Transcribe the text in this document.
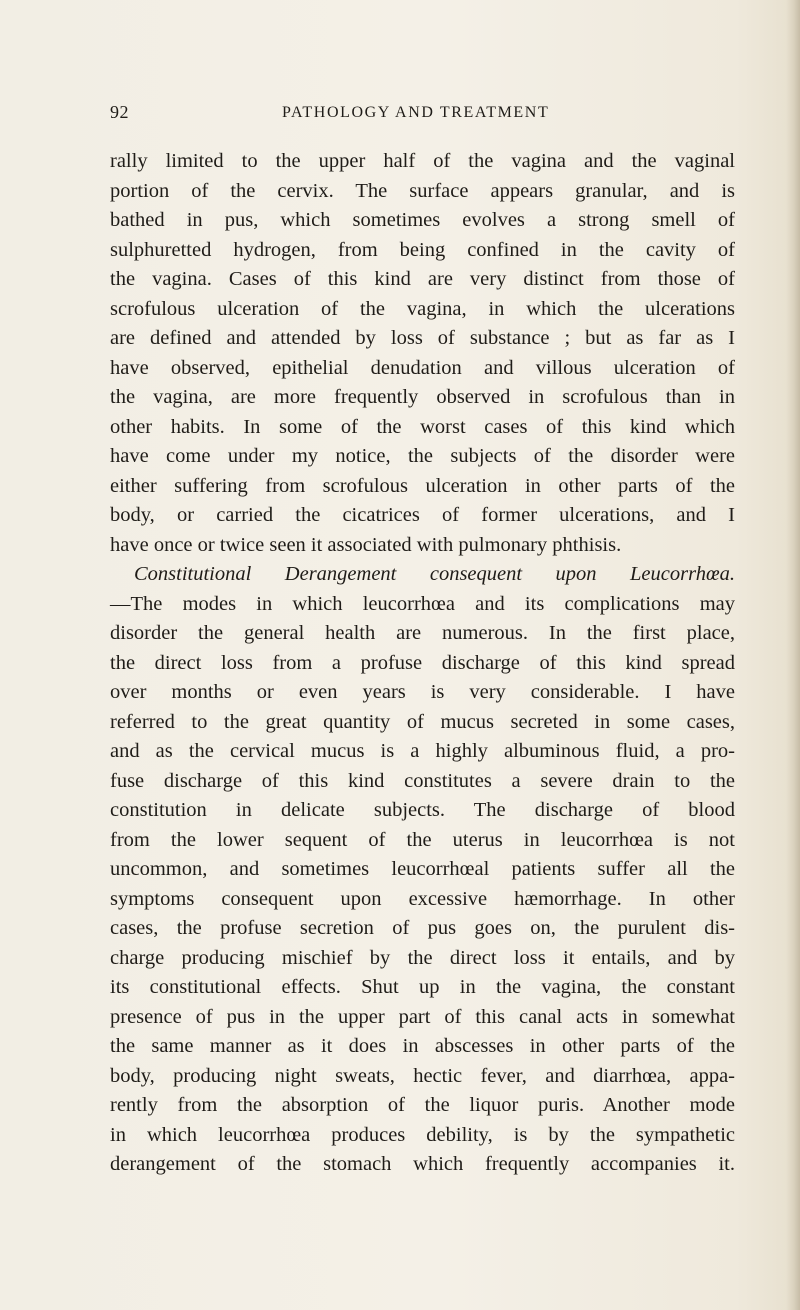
92	PATHOLOGY AND TREATMENT
rally limited to the upper half of the vagina and the vaginal
portion of the cervix. The surface appears granular, and is
bathed in pus, which sometimes evolves a strong smell of
sulphuretted hydrogen, from being confined in the cavity of
the vagina. Cases of this kind are very distinct from those of
scrofulous ulceration of the vagina, in which the ulcerations
are defined and attended by loss of substance ; but as far as I
have observed, epithelial denudation and villous ulceration of
the vagina, are more frequently observed in scrofulous than in
other habits. In some of the worst cases of this kind which
have come under my notice, the subjects of the disorder were
either suffering from scrofulous ulceration in other parts of the
body, or carried the cicatrices of former ulcerations, and I
have once or twice seen it associated with pulmonary phthisis.
Constitutional Derangement consequent upon Leucorrhœa.
—The modes in which leucorrhœa and its complications may
disorder the general health are numerous. In the first place,
the direct loss from a profuse discharge of this kind spread
over months or even years is very considerable. I have
referred to the great quantity of mucus secreted in some cases,
and as the cervical mucus is a highly albuminous fluid, a pro-
fuse discharge of this kind constitutes a severe drain to the
constitution in delicate subjects. The discharge of blood
from the lower sequent of the uterus in leucorrhœa is not
uncommon, and sometimes leucorrhœal patients suffer all the
symptoms consequent upon excessive hæmorrhage. In other
cases, the profuse secretion of pus goes on, the purulent dis-
charge producing mischief by the direct loss it entails, and by
its constitutional effects. Shut up in the vagina, the constant
presence of pus in the upper part of this canal acts in somewhat
the same manner as it does in abscesses in other parts of the
body, producing night sweats, hectic fever, and diarrhœa, appa-
rently from the absorption of the liquor puris. Another mode
in which leucorrhœa produces debility, is by the sympathetic
derangement of the stomach which frequently accompanies it.
